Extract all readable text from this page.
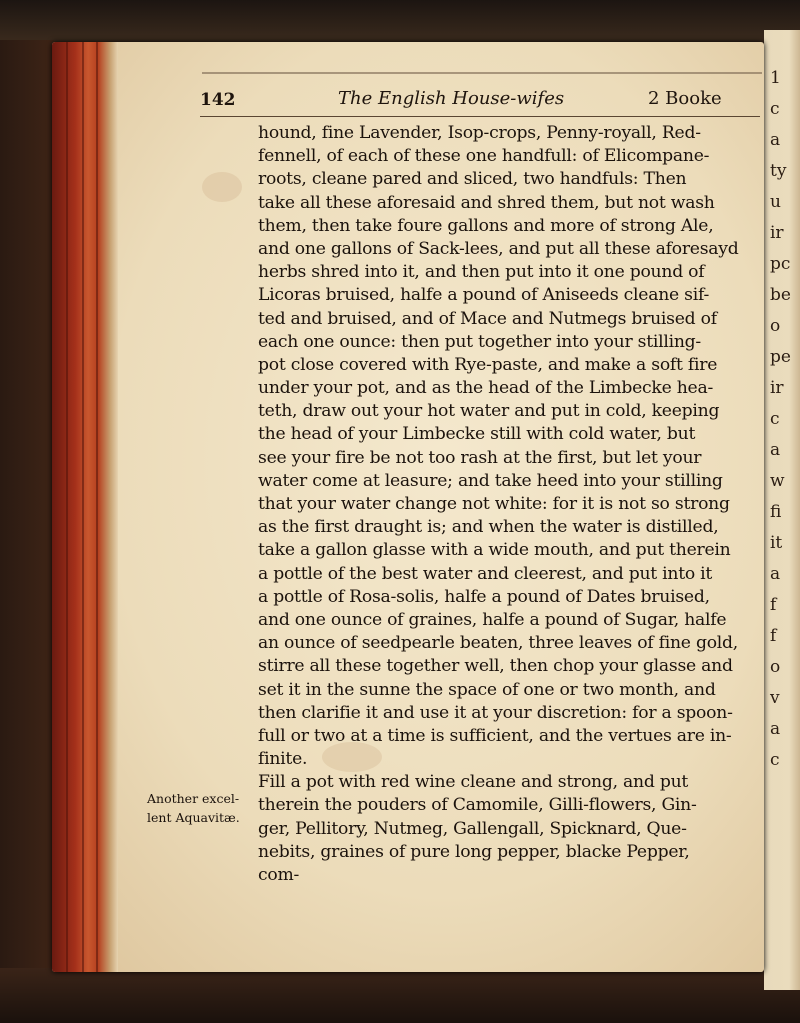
1
c
a
ty
u
ir
pc
be
o
pe
ir
c
a
w
fi
it
a
f
f
o
v
a
c
142	The English House-wifes	2 Booke
hound, fine Lavender, Isop-crops, Penny-royall, Red-
fennell, of each of these one handfull: of Elicompane-
roots, cleane pared and sliced, two handfuls: Then
take all these aforesaid and shred them, but not wash
them, then take foure gallons and more of strong Ale,
and one gallons of Sack-lees, and put all these aforesayd
herbs shred into it, and then put into it one pound of
Licoras bruised, halfe a pound of Aniseeds cleane sif-
ted and bruised, and of Mace and Nutmegs bruised of
each one ounce: then put together into your stilling-
pot close covered with Rye-paste, and make a soft fire
under your pot, and as the head of the Limbecke hea-
teth, draw out your hot water and put in cold, keeping
the head of your Limbecke still with cold water, but
see your fire be not too rash at the first, but let your
water come at leasure; and take heed into your stilling
that your water change not white: for it is not so strong
as the first draught is; and when the water is distilled,
take a gallon glasse with a wide mouth, and put therein
a pottle of the best water and cleerest, and put into it
a pottle of Rosa-solis, halfe a pound of Dates bruised,
and one ounce of graines, halfe a pound of Sugar, halfe
an ounce of seedpearle beaten, three leaves of fine gold,
stirre all these together well, then chop your glasse and
set it in the sunne the space of one or two month, and
then clarifie it and use it at your discretion: for a spoon-
full or two at a time is sufficient, and the vertues are in-
finite.
Fill a pot with red wine cleane and strong, and put
therein the pouders of Camomile, Gilli-flowers, Gin-
ger, Pellitory, Nutmeg, Gallengall, Spicknard, Que-
nebits, graines of pure long pepper, blacke Pepper,
com-
Another excel-
lent Aquavitæ.
